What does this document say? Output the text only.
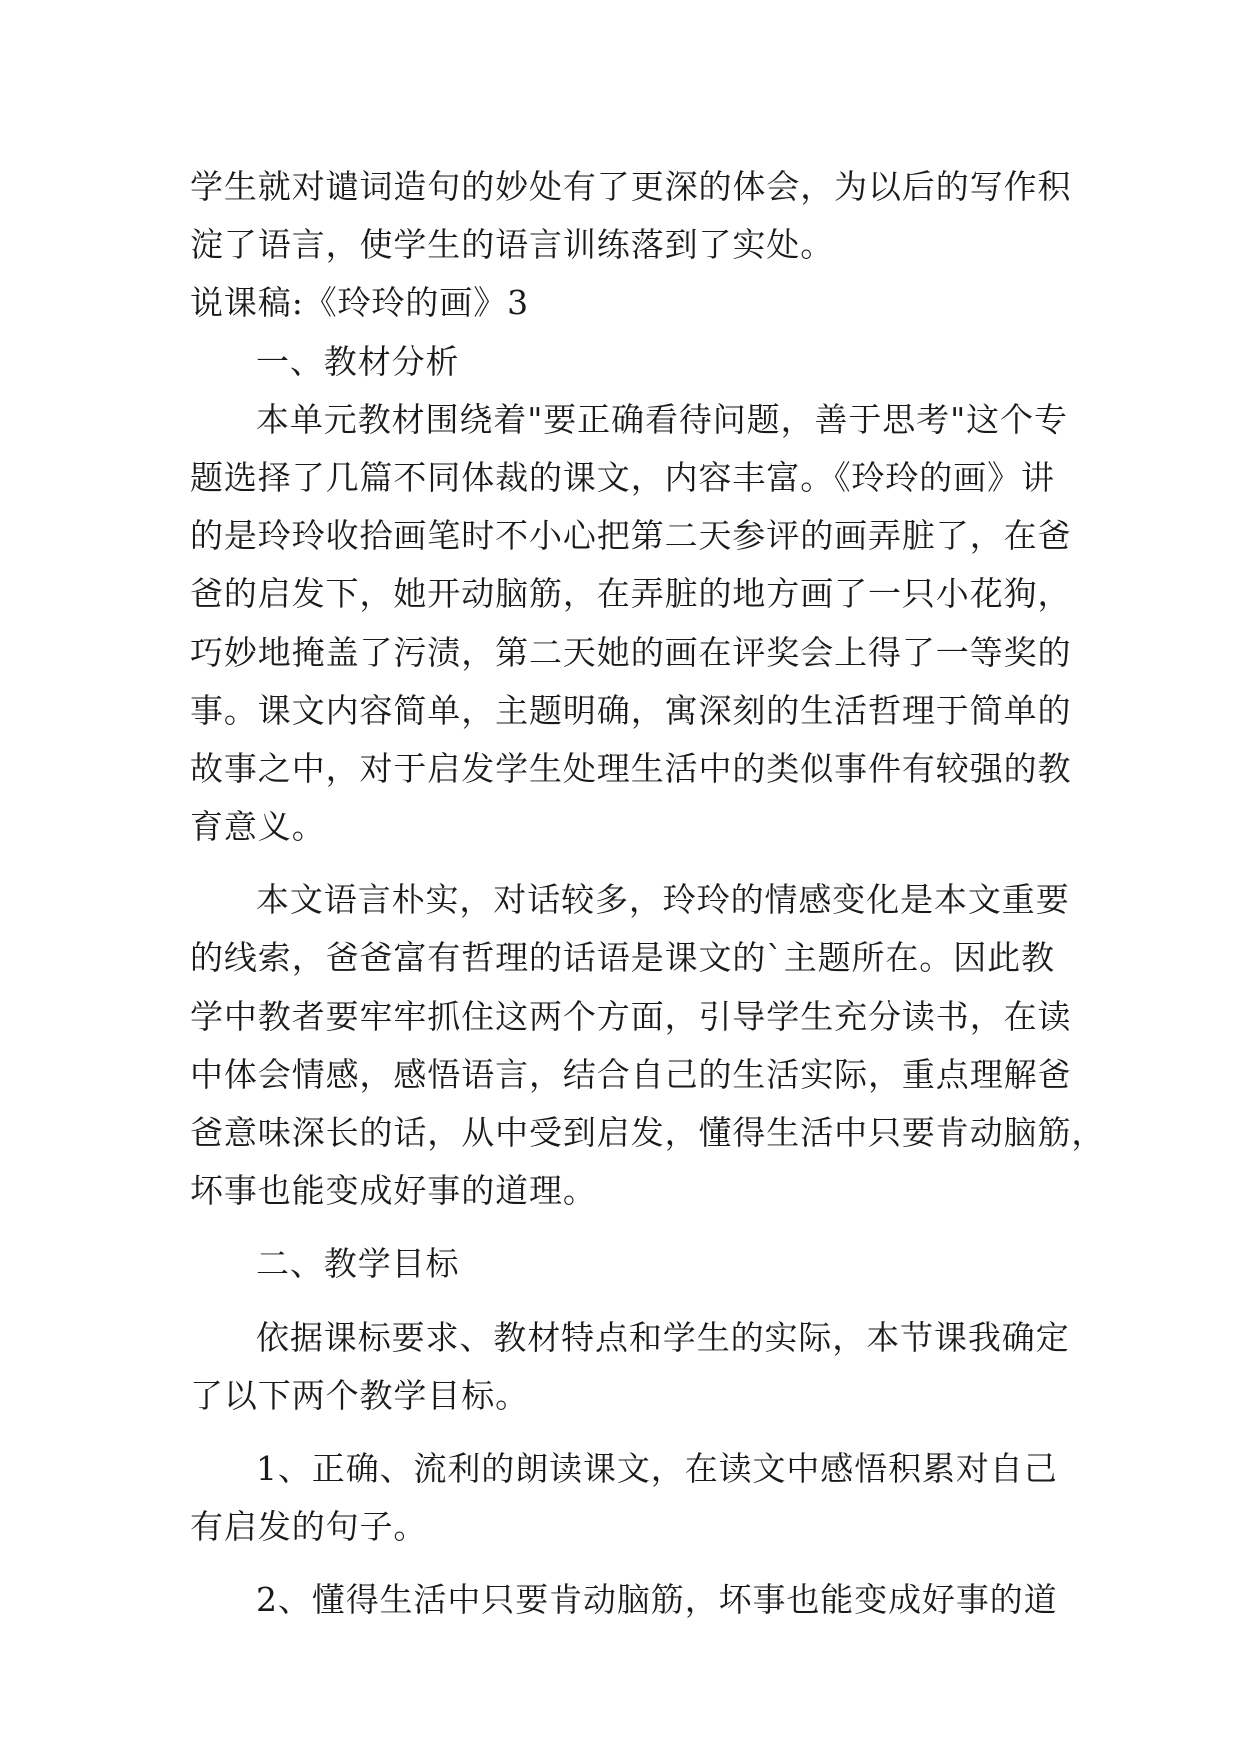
学生就对谴词造句的妙处有了更深的体会，为以后的写作积
淀了语言，使学生的语言训练落到了实处。
说课稿:《玲玲的画》3
一、教材分析
本单元教材围绕着"要正确看待问题，善于思考"这个专
题选择了几篇不同体裁的课文，内容丰富。《玲玲的画》讲
的是玲玲收拾画笔时不小心把第二天参评的画弄脏了，在爸
爸的启发下，她开动脑筋，在弄脏的地方画了一只小花狗，
巧妙地掩盖了污渍，第二天她的画在评奖会上得了一等奖的
事。课文内容简单，主题明确，寓深刻的生活哲理于简单的
故事之中，对于启发学生处理生活中的类似事件有较强的教
育意义。
本文语言朴实，对话较多，玲玲的情感变化是本文重要
的线索，爸爸富有哲理的话语是课文的`主题所在。因此教
学中教者要牢牢抓住这两个方面，引导学生充分读书，在读
中体会情感，感悟语言，结合自己的生活实际，重点理解爸
爸意味深长的话，从中受到启发，懂得生活中只要肯动脑筋，
坏事也能变成好事的道理。
二、教学目标
依据课标要求、教材特点和学生的实际，本节课我确定
了以下两个教学目标。
1、正确、流利的朗读课文，在读文中感悟积累对自己
有启发的句子。
2、懂得生活中只要肯动脑筋，坏事也能变成好事的道
